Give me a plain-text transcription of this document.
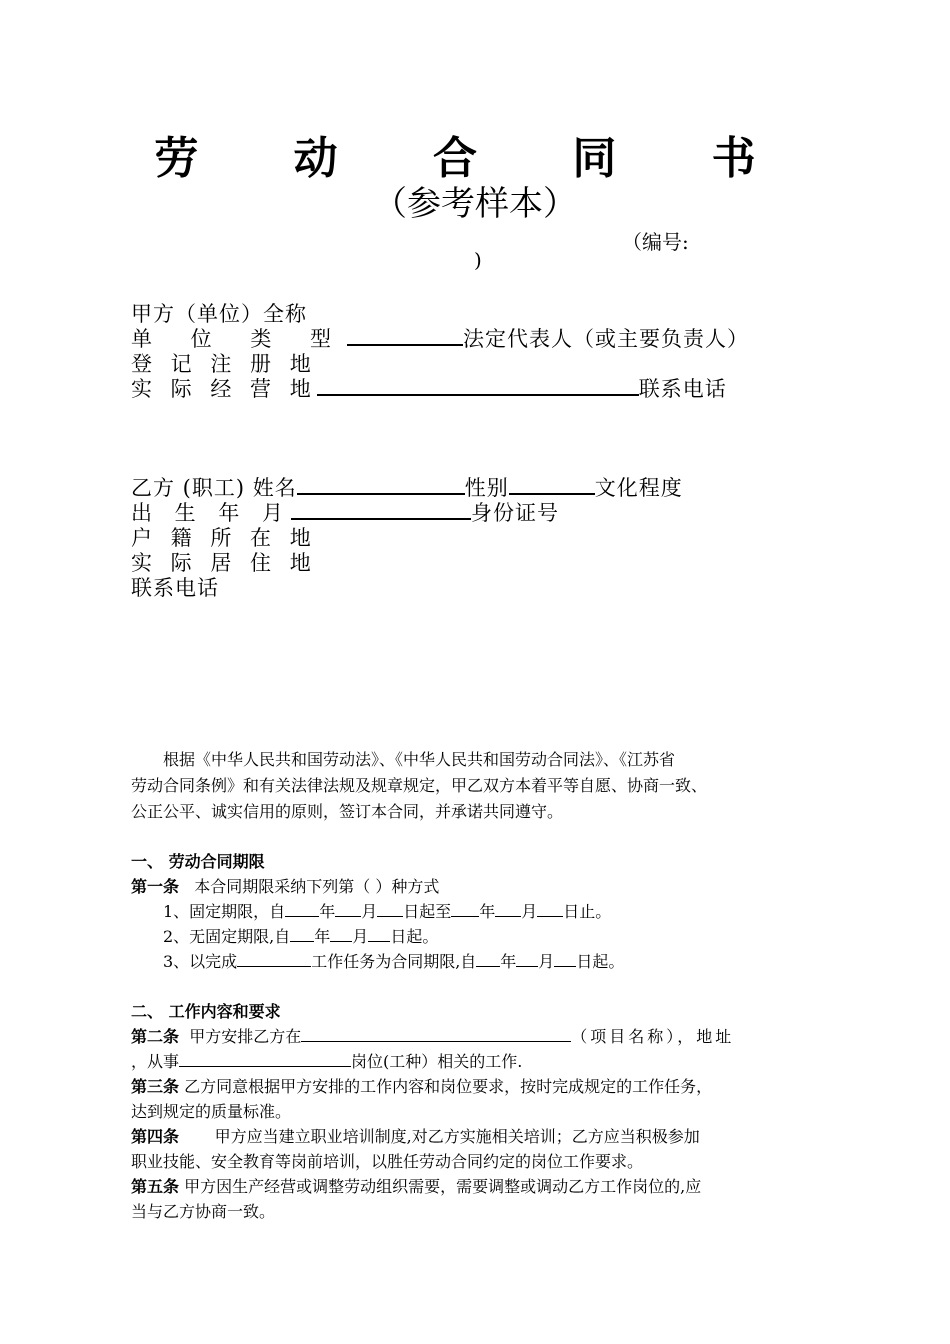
劳 动 合 同 书
（参考样本）
（编号:
)
甲方（单位）全称
单 位 类 型	法定代表人（或主要负责人）
登 记 注 册 地
实 际 经 营 地	联系电话
乙方 (职工) 姓名	性别	文化程度
出 生 年 月	身份证号
户 籍 所 在 地
实 际 居 住 地
联系电话
根据《中华人民共和国劳动法》、《中华人民共和国劳动合同法》、《江苏省
劳动合同条例》和有关法律法规及规章规定，甲乙双方本着平等自愿、协商一致、
公正公平、诚实信用的原则，签订本合同，并承诺共同遵守。
一、 劳动合同期限
第一条 本合同期限采纳下列第（ ）种方式
1、固定期限，自 年 月 日起至 年 月 日止。
2、无固定期限,自 年 月 日起。
3、以完成	工作任务为合同期限,自 年 月 日起。
二、 工作内容和要求
第二条 甲方安排乙方在	（项目名称），地址
，从事	岗位(工种）相关的工作.
第三条 乙方同意根据甲方安排的工作内容和岗位要求，按时完成规定的工作任务，
达到规定的质量标准。
第四条 甲方应当建立职业培训制度,对乙方实施相关培训；乙方应当积极参加
职业技能、安全教育等岗前培训，以胜任劳动合同约定的岗位工作要求。
第五条 甲方因生产经营或调整劳动组织需要，需要调整或调动乙方工作岗位的,应
当与乙方协商一致。
